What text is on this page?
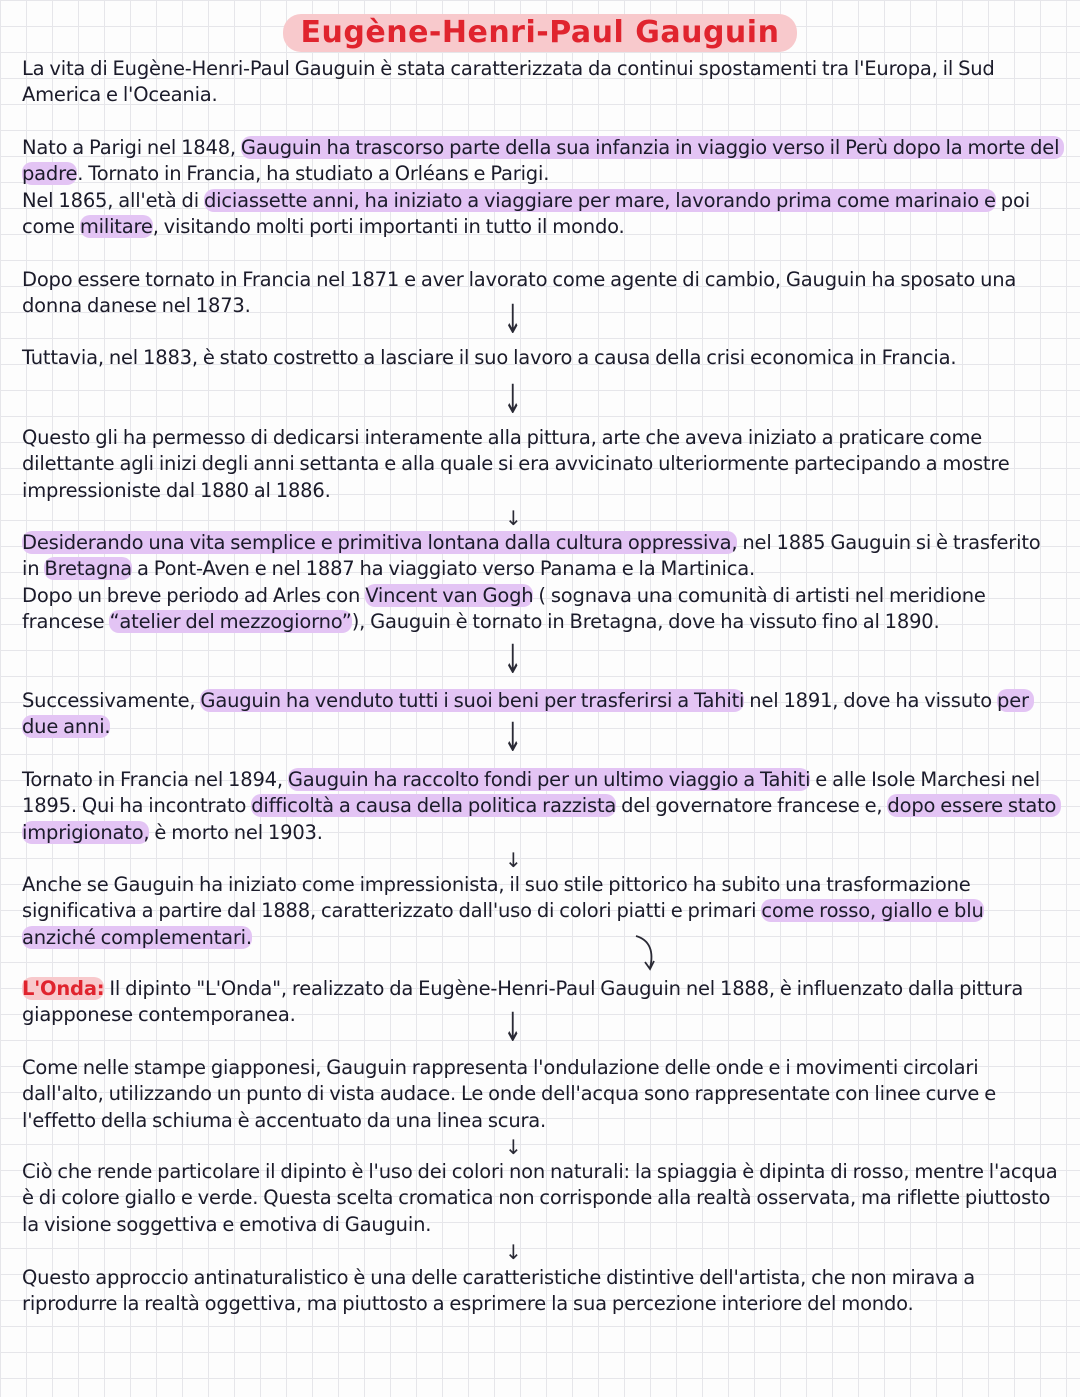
Eugène-Henri-Paul Gauguin

La vita di Eugène-Henri-Paul Gauguin è stata caratterizzata da continui spostamenti tra l'Europa, il Sud America e l'Oceania.

Nato a Parigi nel 1848, Gauguin ha trascorso parte della sua infanzia in viaggio verso il Perù dopo la morte del padre. Tornato in Francia, ha studiato a Orléans e Parigi.
Nel 1865, all'età di diciassette anni, ha iniziato a viaggiare per mare, lavorando prima come marinaio e poi come militare, visitando molti porti importanti in tutto il mondo.

Dopo essere tornato in Francia nel 1871 e aver lavorato come agente di cambio, Gauguin ha sposato una donna danese nel 1873.	↓

Tuttavia, nel 1883, è stato costretto a lasciare il suo lavoro a causa della crisi economica in Francia.

↓

Questo gli ha permesso di dedicarsi interamente alla pittura, arte che aveva iniziato a praticare come dilettante agli inizi degli anni settanta e alla quale si era avvicinato ulteriormente partecipando a mostre impressioniste dal 1880 al 1886.

↓

Desiderando una vita semplice e primitiva lontana dalla cultura oppressiva, nel 1885 Gauguin si è trasferito in Bretagna a Pont-Aven e nel 1887 ha viaggiato verso Panama e la Martinica.
Dopo un breve periodo ad Arles con Vincent van Gogh ( sognava una comunità di artisti nel meridione francese “atelier del mezzogiorno”), Gauguin è tornato in Bretagna, dove ha vissuto fino al 1890.

↓

Successivamente, Gauguin ha venduto tutti i suoi beni per trasferirsi a Tahiti nel 1891, dove ha vissuto per due anni.	↓

Tornato in Francia nel 1894, Gauguin ha raccolto fondi per un ultimo viaggio a Tahiti e alle Isole Marchesi nel 1895. Qui ha incontrato difficoltà a causa della politica razzista del governatore francese e, dopo essere stato imprigionato, è morto nel 1903.

↓

Anche se Gauguin ha iniziato come impressionista, il suo stile pittorico ha subito una trasformazione significativa a partire dal 1888, caratterizzato dall'uso di colori piatti e primari come rosso, giallo e blu anziché complementari.

L'Onda: Il dipinto "L'Onda", realizzato da Eugène-Henri-Paul Gauguin nel 1888, è influenzato dalla pittura giapponese contemporanea.	↓

Come nelle stampe giapponesi, Gauguin rappresenta l'ondulazione delle onde e i movimenti circolari dall'alto, utilizzando un punto di vista audace. Le onde dell'acqua sono rappresentate con linee curve e l'effetto della schiuma è accentuato da una linea scura.

↓

Ciò che rende particolare il dipinto è l'uso dei colori non naturali: la spiaggia è dipinta di rosso, mentre l'acqua è di colore giallo e verde. Questa scelta cromatica non corrisponde alla realtà osservata, ma riflette piuttosto la visione soggettiva e emotiva di Gauguin.

↓

Questo approccio antinaturalistico è una delle caratteristiche distintive dell'artista, che non mirava a riprodurre la realtà oggettiva, ma piuttosto a esprimere la sua percezione interiore del mondo.
